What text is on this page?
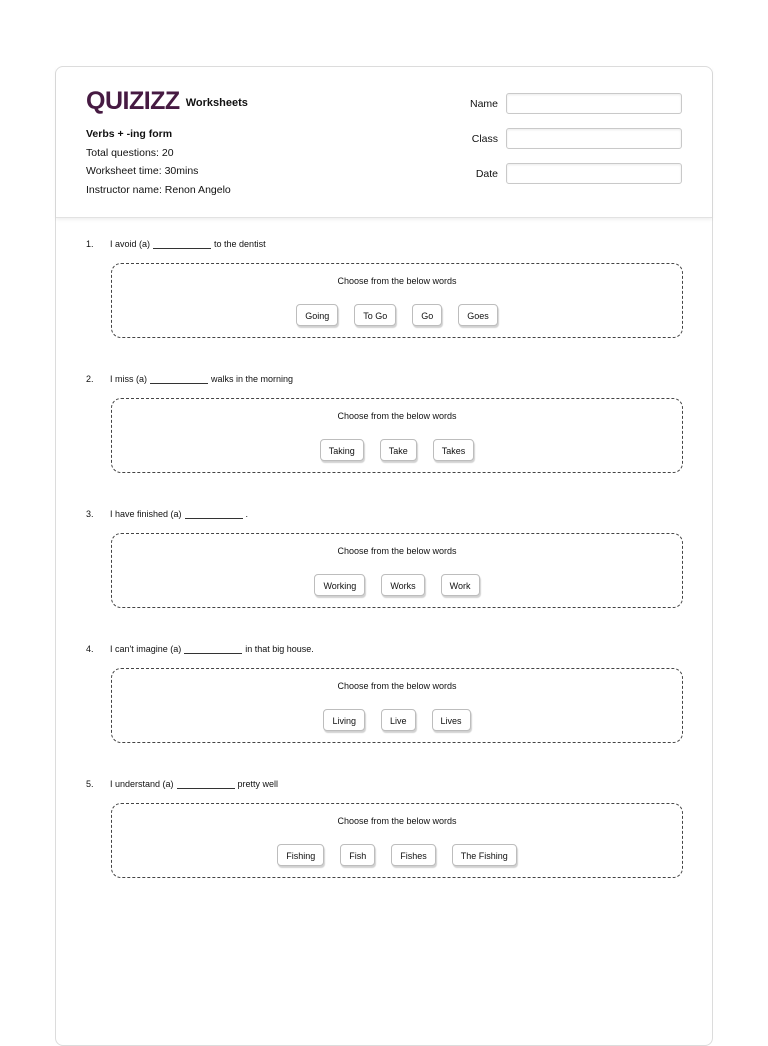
QUIZIZZ Worksheets
Verbs + -ing form
Total questions: 20
Worksheet time: 30mins
Instructor name: Renon Angelo
Name
Class
Date
1.	I avoid (a)	to the dentist
Choose from the below words
Going	To Go	Go	Goes
2.	I miss (a)	walks in the morning
Choose from the below words
Taking	Take	Takes
3.	I have finished (a)	.
Choose from the below words
Working	Works	Work
4.	I can't imagine (a)	in that big house.
Choose from the below words
Living	Live	Lives
5.	I understand (a)	pretty well
Choose from the below words
Fishing	Fish	Fishes	The Fishing
